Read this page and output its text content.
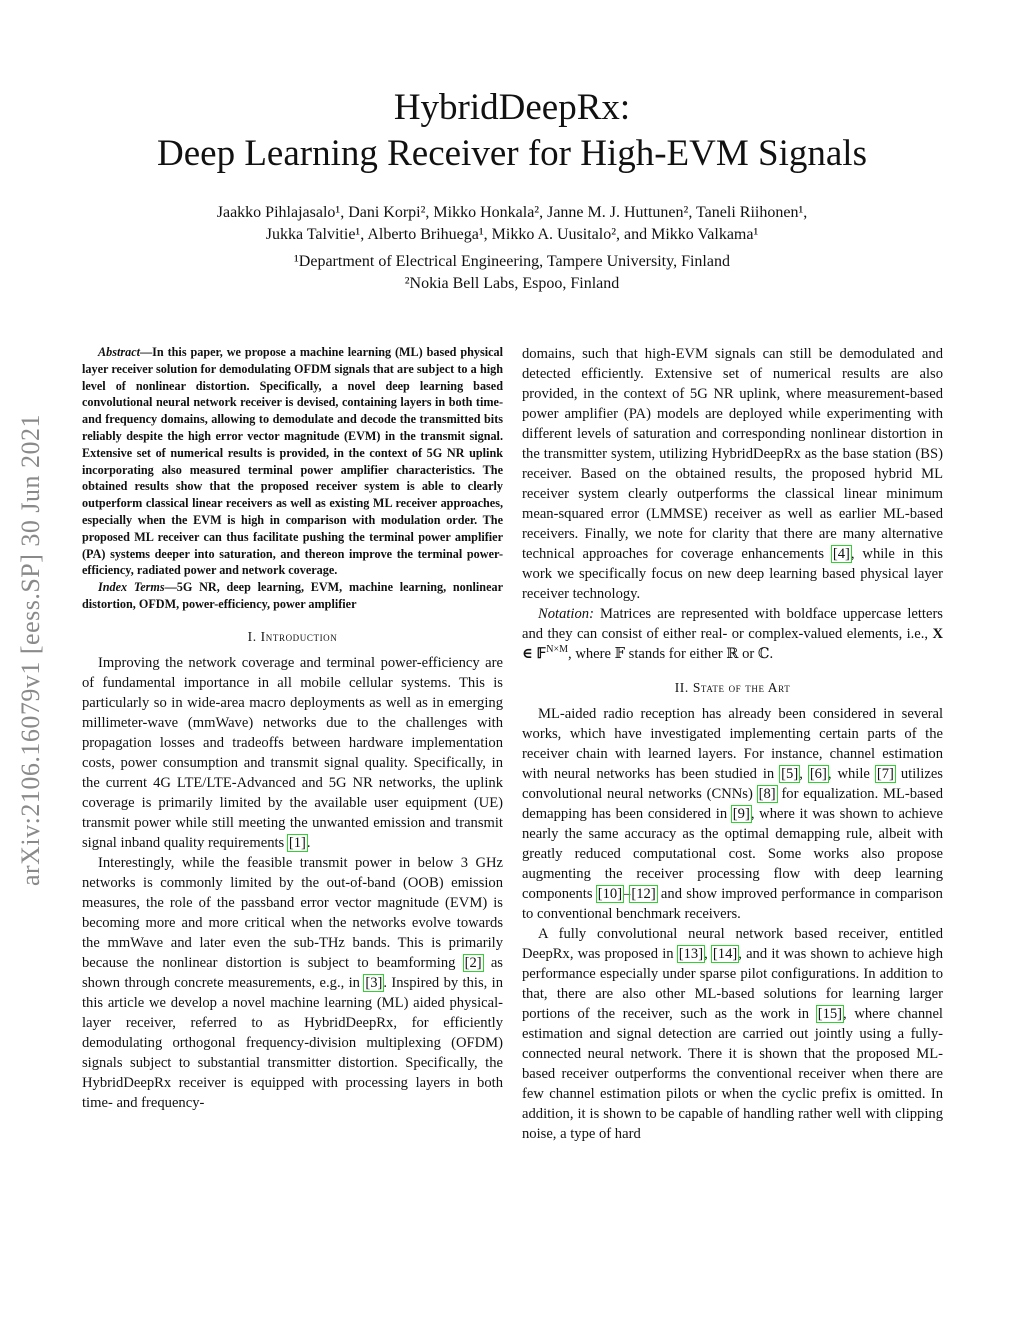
arXiv:2106.16079v1 [eess.SP] 30 Jun 2021
HybridDeepRx:
Deep Learning Receiver for High-EVM Signals
Jaakko Pihlajasalo¹, Dani Korpi², Mikko Honkala², Janne M. J. Huttunen², Taneli Riihonen¹,
Jukka Talvitie¹, Alberto Brihuega¹, Mikko A. Uusitalo², and Mikko Valkama¹
¹Department of Electrical Engineering, Tampere University, Finland
²Nokia Bell Labs, Espoo, Finland

Abstract—In this paper, we propose a machine learning (ML) based physical layer receiver solution for demodulating OFDM signals that are subject to a high level of nonlinear distortion. Specifically, a novel deep learning based convolutional neural network receiver is devised, containing layers in both time- and frequency domains, allowing to demodulate and decode the transmitted bits reliably despite the high error vector magnitude (EVM) in the transmit signal. Extensive set of numerical results is provided, in the context of 5G NR uplink incorporating also measured terminal power amplifier characteristics. The obtained results show that the proposed receiver system is able to clearly outperform classical linear receivers as well as existing ML receiver approaches, especially when the EVM is high in comparison with modulation order. The proposed ML receiver can thus facilitate pushing the terminal power amplifier (PA) systems deeper into saturation, and thereon improve the terminal power-efficiency, radiated power and network coverage.

Index Terms—5G NR, deep learning, EVM, machine learning, nonlinear distortion, OFDM, power-efficiency, power amplifier

I. Introduction

Improving the network coverage and terminal power-efficiency are of fundamental importance in all mobile cellular systems. This is particularly so in wide-area macro deployments as well as in emerging millimeter-wave (mmWave) networks due to the challenges with propagation losses and tradeoffs between hardware implementation costs, power consumption and transmit signal quality. Specifically, in the current 4G LTE/LTE-Advanced and 5G NR networks, the uplink coverage is primarily limited by the available user equipment (UE) transmit power while still meeting the unwanted emission and transmit signal inband quality requirements [1].

Interestingly, while the feasible transmit power in below 3 GHz networks is commonly limited by the out-of-band (OOB) emission measures, the role of the passband error vector magnitude (EVM) is becoming more and more critical when the networks evolve towards the mmWave and later even the sub-THz bands. This is primarily because the nonlinear distortion is subject to beamforming [2] as shown through concrete measurements, e.g., in [3]. Inspired by this, in this article we develop a novel machine learning (ML) aided physical-layer receiver, referred to as HybridDeepRx, for efficiently demodulating orthogonal frequency-division multiplexing (OFDM) signals subject to substantial transmitter distortion. Specifically, the HybridDeepRx receiver is equipped with processing layers in both time- and frequency-

domains, such that high-EVM signals can still be demodulated and detected efficiently. Extensive set of numerical results are also provided, in the context of 5G NR uplink, where measurement-based power amplifier (PA) models are deployed while experimenting with different levels of saturation and corresponding nonlinear distortion in the transmitter system, utilizing HybridDeepRx as the base station (BS) receiver. Based on the obtained results, the proposed hybrid ML receiver system clearly outperforms the classical linear minimum mean-squared error (LMMSE) receiver as well as earlier ML-based receivers. Finally, we note for clarity that there are many alternative technical approaches for coverage enhancements [4], while in this work we specifically focus on new deep learning based physical layer receiver technology.

Notation: Matrices are represented with boldface uppercase letters and they can consist of either real- or complex-valued elements, i.e., X ∈ 𝔽$^{N\times M}$, where 𝔽 stands for either ℝ or ℂ.

II. State of the Art

ML-aided radio reception has already been considered in several works, which have investigated implementing certain parts of the receiver chain with learned layers. For instance, channel estimation with neural networks has been studied in [5], [6], while [7] utilizes convolutional neural networks (CNNs) [8] for equalization. ML-based demapping has been considered in [9], where it was shown to achieve nearly the same accuracy as the optimal demapping rule, albeit with greatly reduced computational cost. Some works also propose augmenting the receiver processing flow with deep learning components [10]–[12] and show improved performance in comparison to conventional benchmark receivers.

A fully convolutional neural network based receiver, entitled DeepRx, was proposed in [13], [14], and it was shown to achieve high performance especially under sparse pilot configurations. In addition to that, there are also other ML-based solutions for learning larger portions of the receiver, such as the work in [15], where channel estimation and signal detection are carried out jointly using a fully-connected neural network. There it is shown that the proposed ML-based receiver outperforms the conventional receiver when there are few channel estimation pilots or when the cyclic prefix is omitted. In addition, it is shown to be capable of handling rather well with clipping noise, a type of hard
